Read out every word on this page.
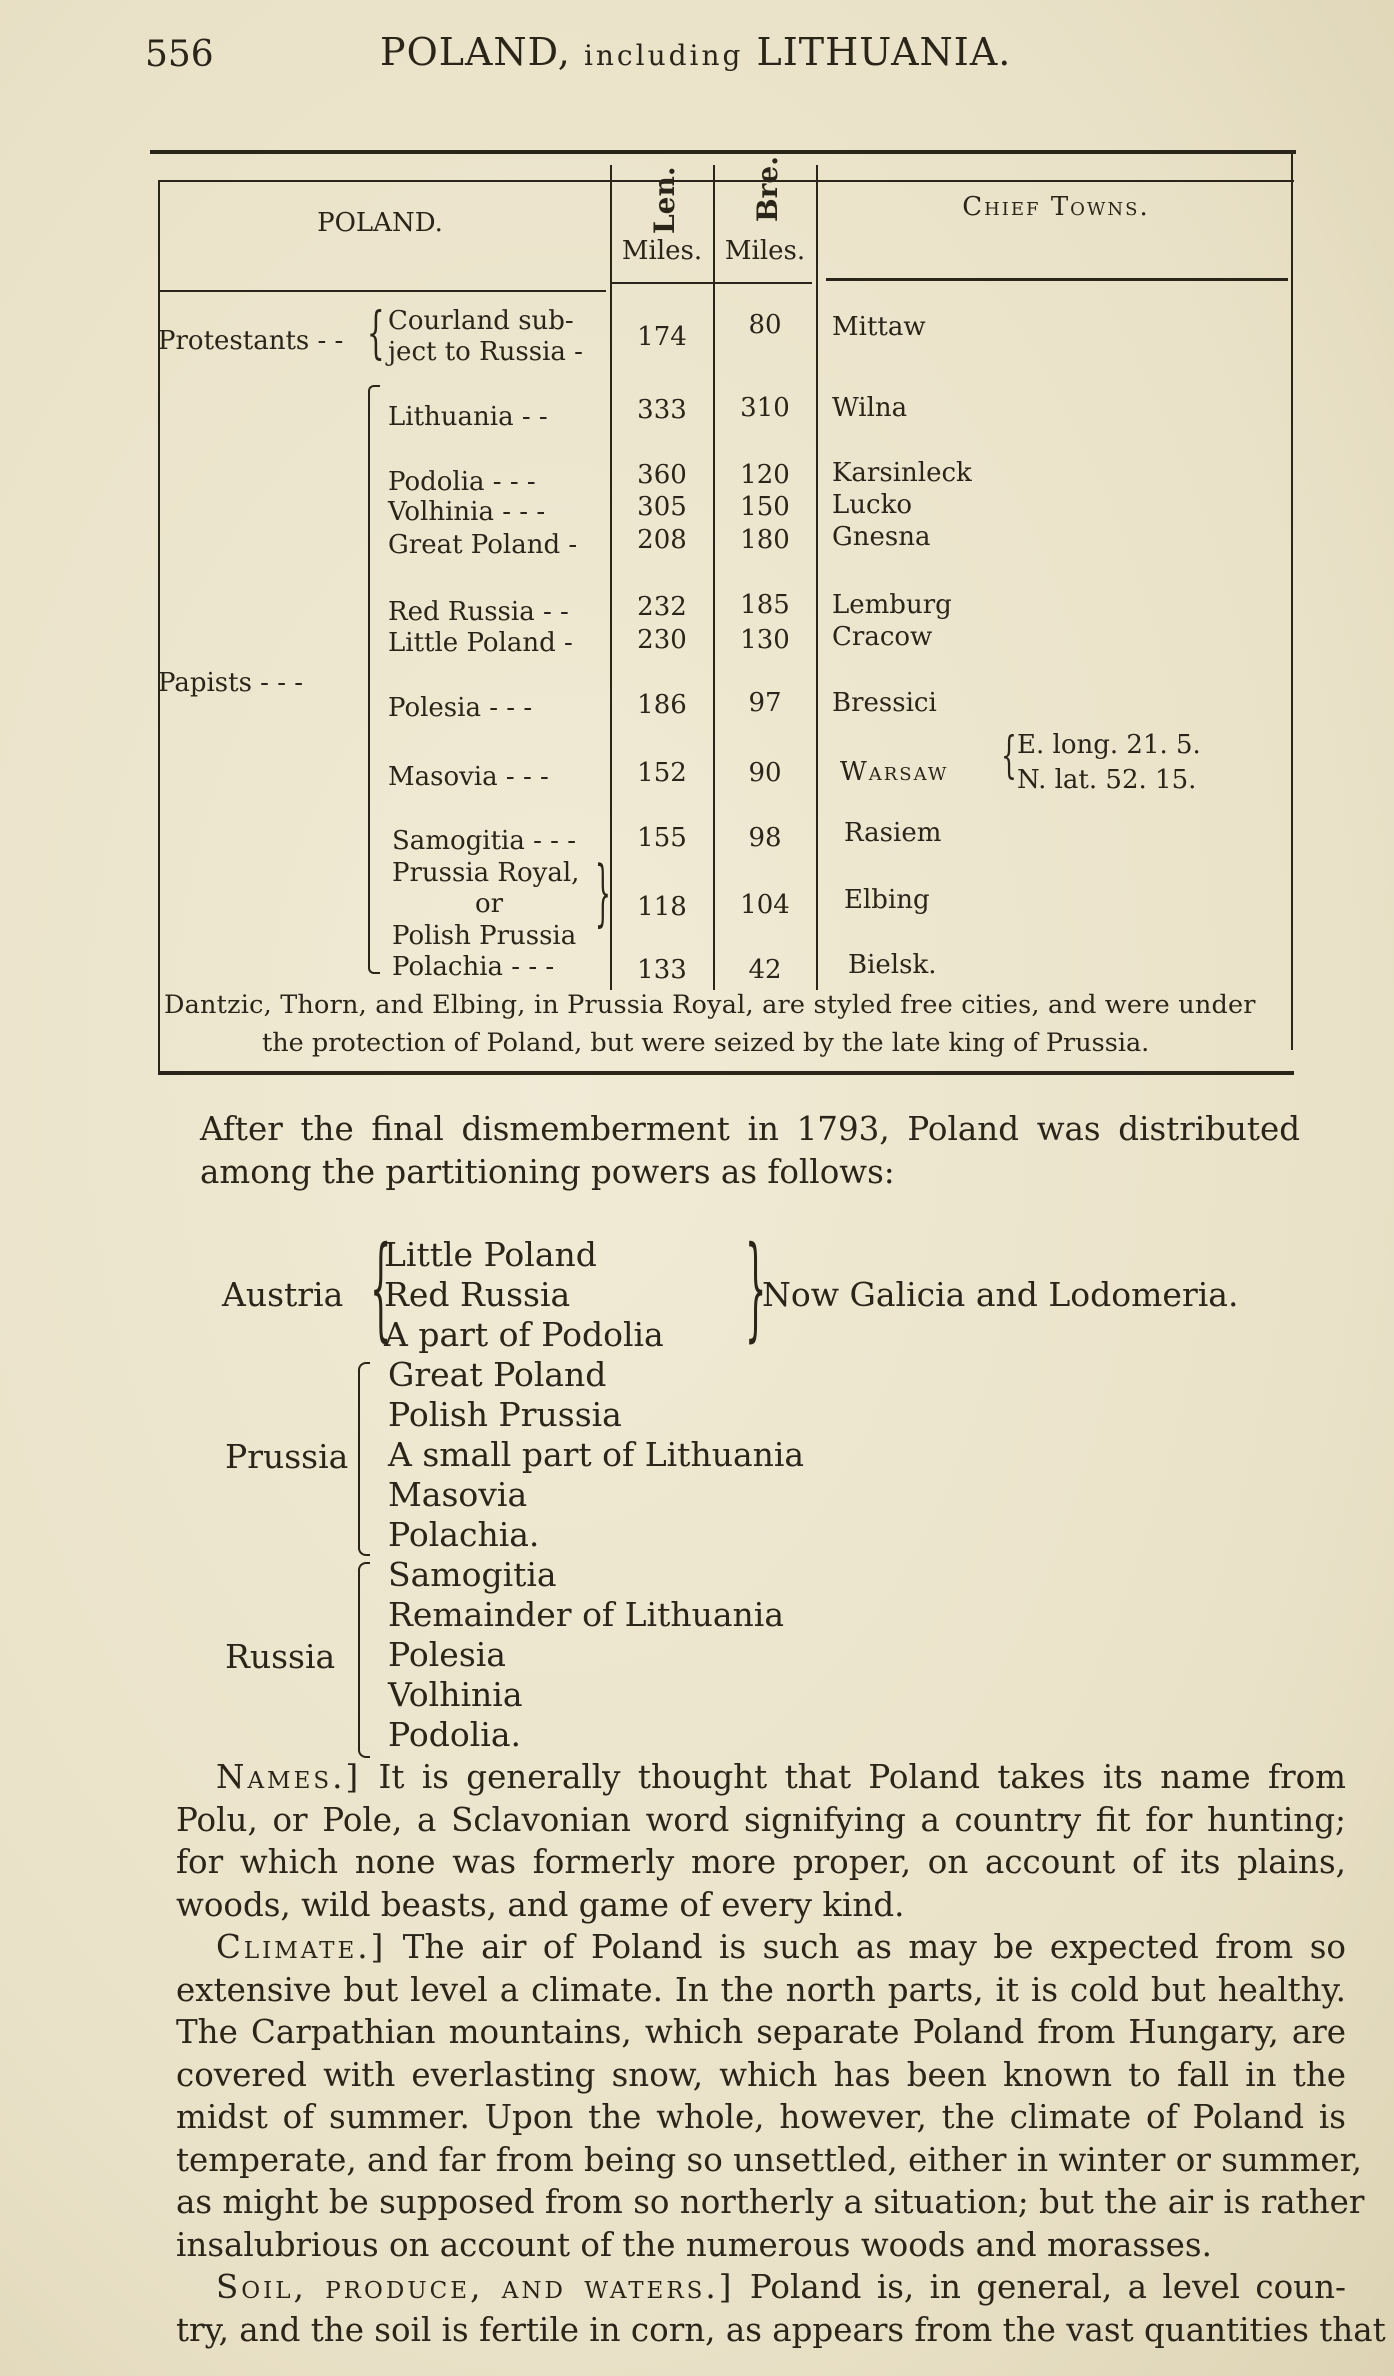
556	POLAND, including LITHUANIA.
POLAND.	Len.
Miles.
Bre.
Miles.
Chief Towns.
Protestants - - {
Papists - - -
Courland sub-
ject to Russia -	174	80	Mittaw
Lithuania - -	333	310	Wilna
Podolia - - -	360	120	Karsinleck
Volhinia - - -	305	150	Lucko
Great Poland -	208	180	Gnesna
Red Russia - -	232	185	Lemburg
Little Poland -	230	130	Cracow
Polesia - - -	186	97	Bressici
Masovia - - -	152	90	Warsaw { E. long. 21. 5.
N. lat. 52. 15.
Samogitia - - -	155	98	Rasiem
Prussia Royal,
or
Polish Prussia
}	118	104	Elbing
Polachia - - -	133	42	Bielsk.
Dantzic, Thorn, and Elbing, in Prussia Royal, are styled free cities, and were under
the protection of Poland, but were seized by the late king of Prussia.
After the final dismemberment in 1793, Poland was distributed
among the partitioning powers as follows:
Austria {
Little Poland
Red Russia
A part of Podolia }
Now Galicia and Lodomeria.
Prussia
Great Poland
Polish Prussia
A small part of Lithuania
Masovia
Polachia.
Russia
Samogitia
Remainder of Lithuania
Polesia
Volhinia
Podolia.
Names.] It is generally thought that Poland takes its name from
Polu, or Pole, a Sclavonian word signifying a country fit for hunting;
for which none was formerly more proper, on account of its plains,
woods, wild beasts, and game of every kind.
Climate.] The air of Poland is such as may be expected from so
extensive but level a climate. In the north parts, it is cold but healthy.
The Carpathian mountains, which separate Poland from Hungary, are
covered with everlasting snow, which has been known to fall in the
midst of summer. Upon the whole, however, the climate of Poland is
temperate, and far from being so unsettled, either in winter or summer,
as might be supposed from so northerly a situation; but the air is rather
insalubrious on account of the numerous woods and morasses.
Soil, produce, and waters.] Poland is, in general, a level coun-
try, and the soil is fertile in corn, as appears from the vast quantities that
